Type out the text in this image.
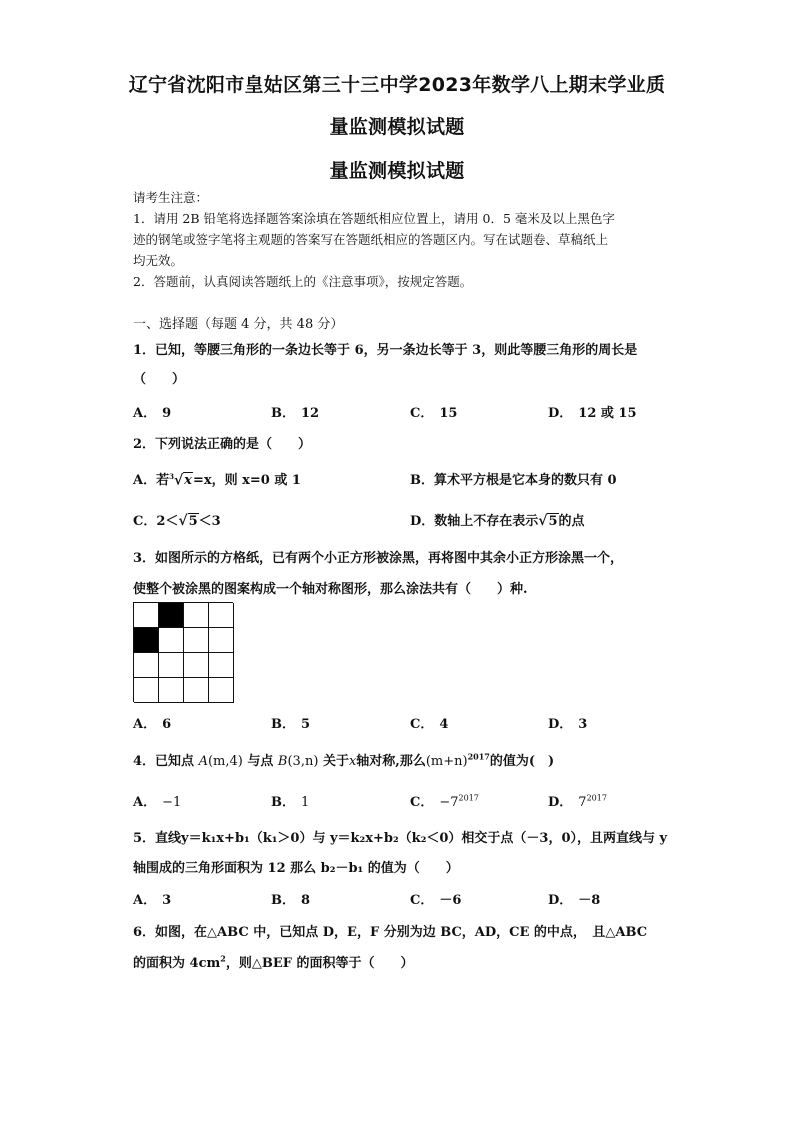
辽宁省沈阳市皇姑区第三十三中学2023年数学八上期末学业质
量监测模拟试题
量监测模拟试题
请考生注意：
1．请用 2B 铅笔将选择题答案涂填在答题纸相应位置上，请用 0．5 毫米及以上黑色字
迹的钢笔或签字笔将主观题的答案写在答题纸相应的答题区内。写在试题卷、草稿纸上
均无效。
2．答题前，认真阅读答题纸上的《注意事项》，按规定答题。
一、选择题（每题 4 分，共 48 分）
1．已知，等腰三角形的一条边长等于 6，另一条边长等于 3，则此等腰三角形的周长是
（　　）
A． 9	B． 12	C． 15	D． 12 或 15
2．下列说法正确的是（　　）
A．若$^3$√x=x，则 x=0 或 1	B．算术平方根是它本身的数只有 0
C．2＜√5＜3	D．数轴上不存在表示√5的点
3．如图所示的方格纸，已有两个小正方形被涂黑，再将图中其余小正方形涂黑一个，
使整个被涂黑的图案构成一个轴对称图形，那么涂法共有（　　）种.
A． 6	B． 5	C． 4	D． 3
4．已知点 A(m,4) 与点 B(3,n) 关于x轴对称,那么$(m+n)^{2017}$的值为(　)
A． −1	B． 1	C． $-7^{2017}$	D． $7^{2017}$
5．直线y＝k₁x+b₁（k₁＞0）与 y＝k₂x+b₂（k₂＜0）相交于点（－3，0），且两直线与 y
轴围成的三角形面积为 12 那么 b₂－b₁ 的值为（　　）
A． 3	B． 8	C． －6	D． －8
6．如图，在△ABC 中，已知点 D，E，F 分别为边 BC，AD，CE 的中点，　且△ABC
的面积为 $4cm^2$，则△BEF 的面积等于（　　）
